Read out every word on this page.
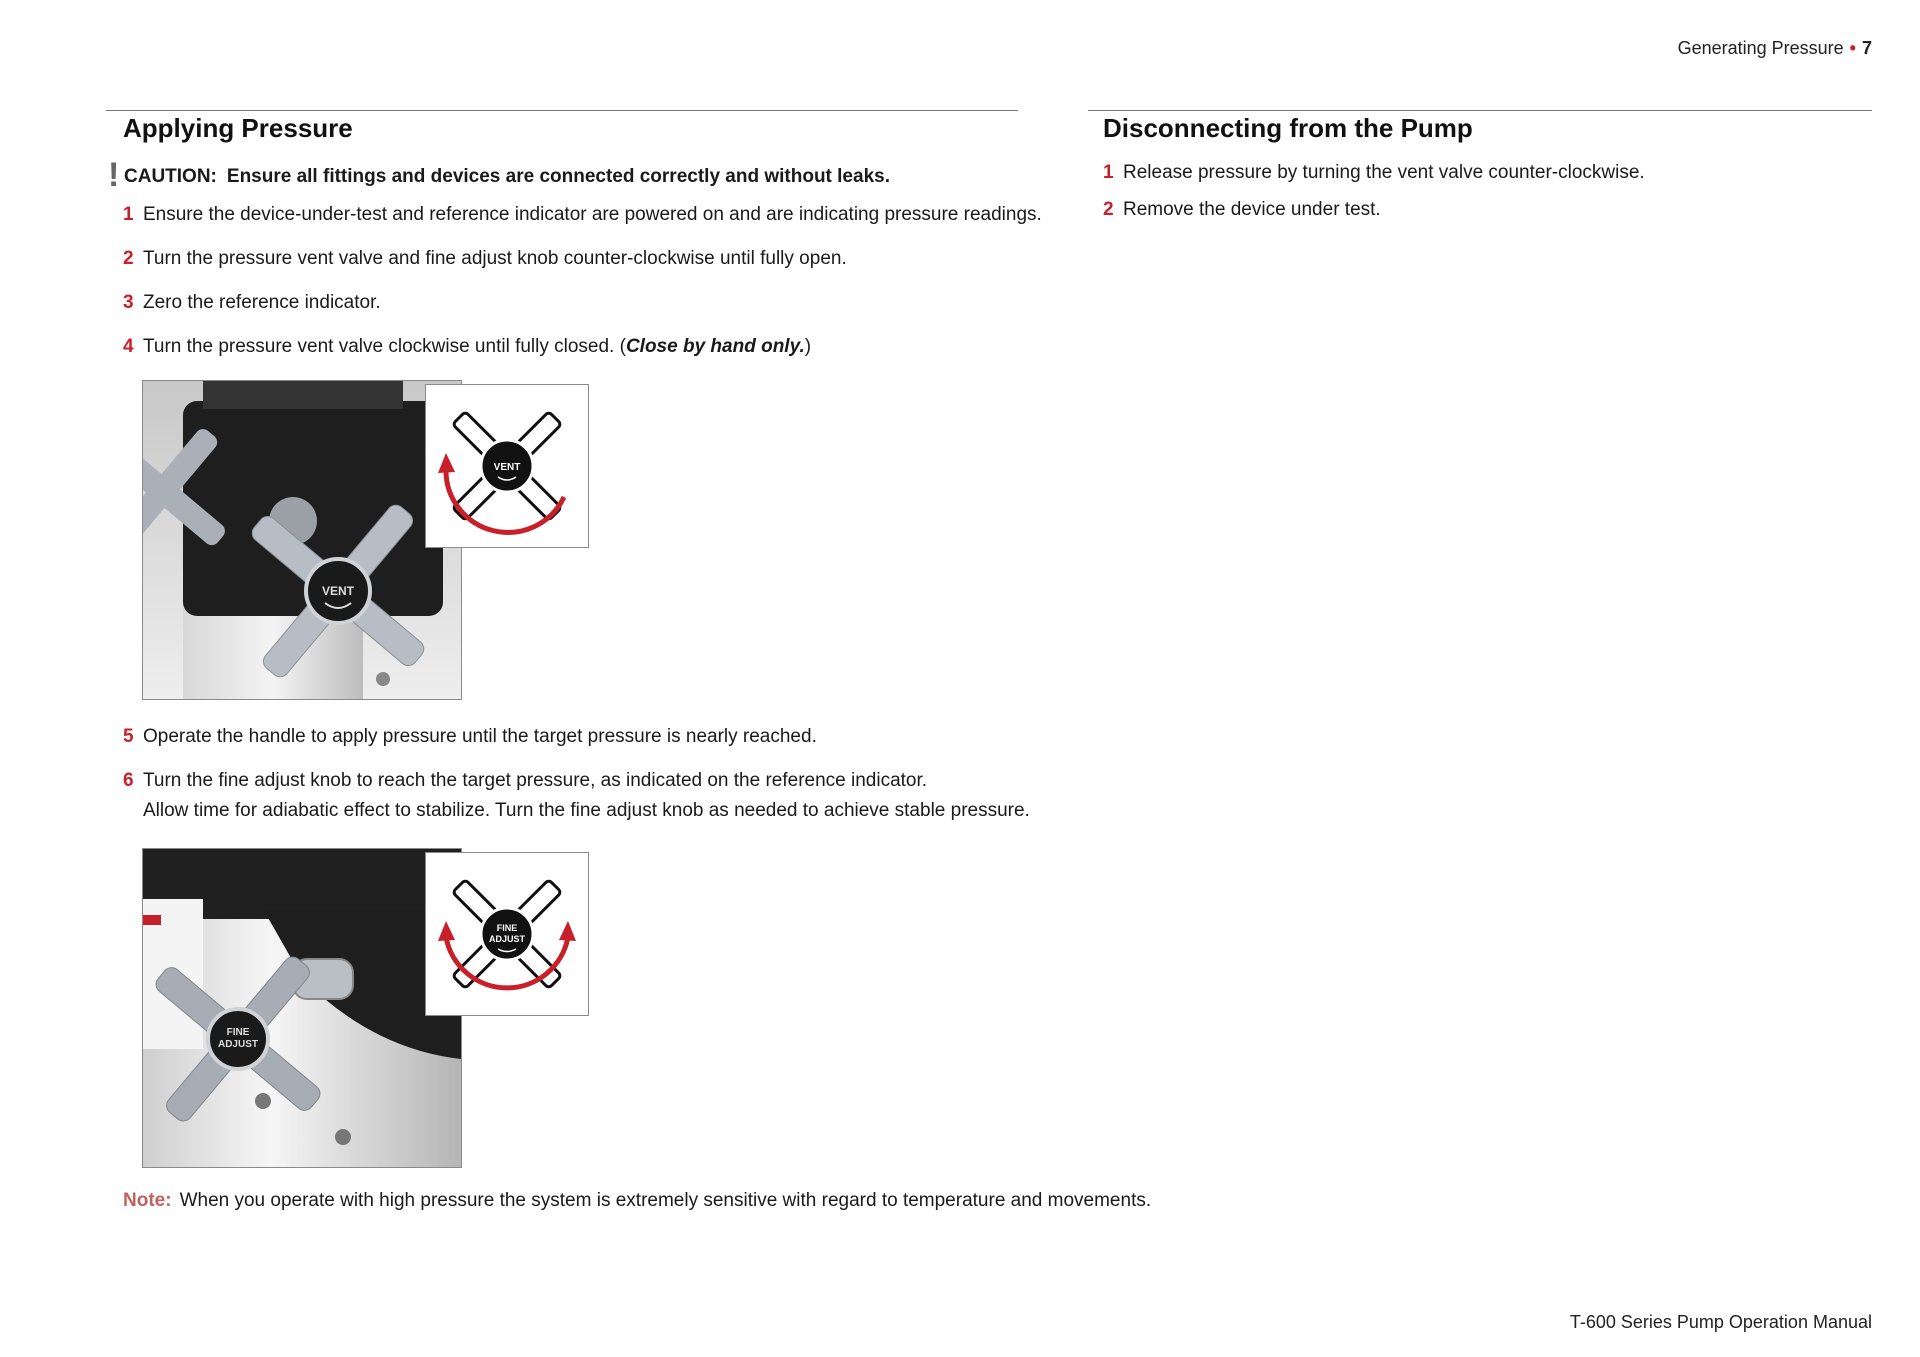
Generating Pressure • 7
Applying Pressure
! CAUTION: Ensure all fittings and devices are connected correctly and without leaks.
1 Ensure the device-under-test and reference indicator are powered on and are indicating pressure readings.
2 Turn the pressure vent valve and fine adjust knob counter-clockwise until fully open.
3 Zero the reference indicator.
4 Turn the pressure vent valve clockwise until fully closed. (Close by hand only.)
VENT
VENT
5 Operate the handle to apply pressure until the target pressure is nearly reached.
6 Turn the fine adjust knob to reach the target pressure, as indicated on the reference indicator.
Allow time for adiabatic effect to stabilize. Turn the fine adjust knob as needed to achieve stable pressure.
FINE
ADJUST
FINE
ADJUST
Note: When you operate with high pressure the system is extremely sensitive with regard to temperature and movements.
Disconnecting from the Pump
1 Release pressure by turning the vent valve counter-clockwise.
2 Remove the device under test.
T-600 Series Pump Operation Manual
